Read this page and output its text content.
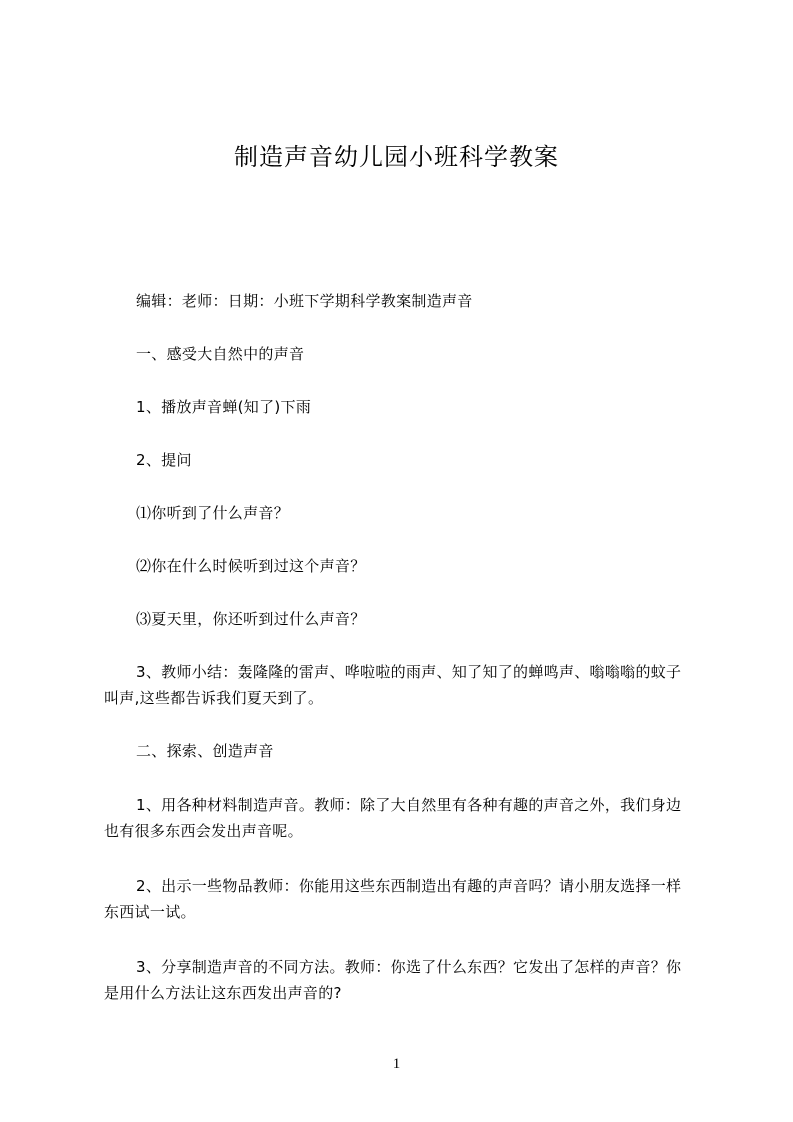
制造声音幼儿园小班科学教案

编辑：老师：日期：小班下学期科学教案制造声音

一、感受大自然中的声音

1、播放声音蝉(知了)下雨

2、提问

⑴你听到了什么声音？

⑵你在什么时候听到过这个声音？

⑶夏天里，你还听到过什么声音？

3、教师小结：轰隆隆的雷声、哗啦啦的雨声、知了知了的蝉鸣声、嗡嗡嗡的蚊子叫声,这些都告诉我们夏天到了。

二、探索、创造声音

1、用各种材料制造声音。教师：除了大自然里有各种有趣的声音之外，我们身边也有很多东西会发出声音呢。

2、出示一些物品教师：你能用这些东西制造出有趣的声音吗？请小朋友选择一样东西试一试。

3、分享制造声音的不同方法。教师：你选了什么东西？它发出了怎样的声音？你是用什么方法让这东西发出声音的?

1
